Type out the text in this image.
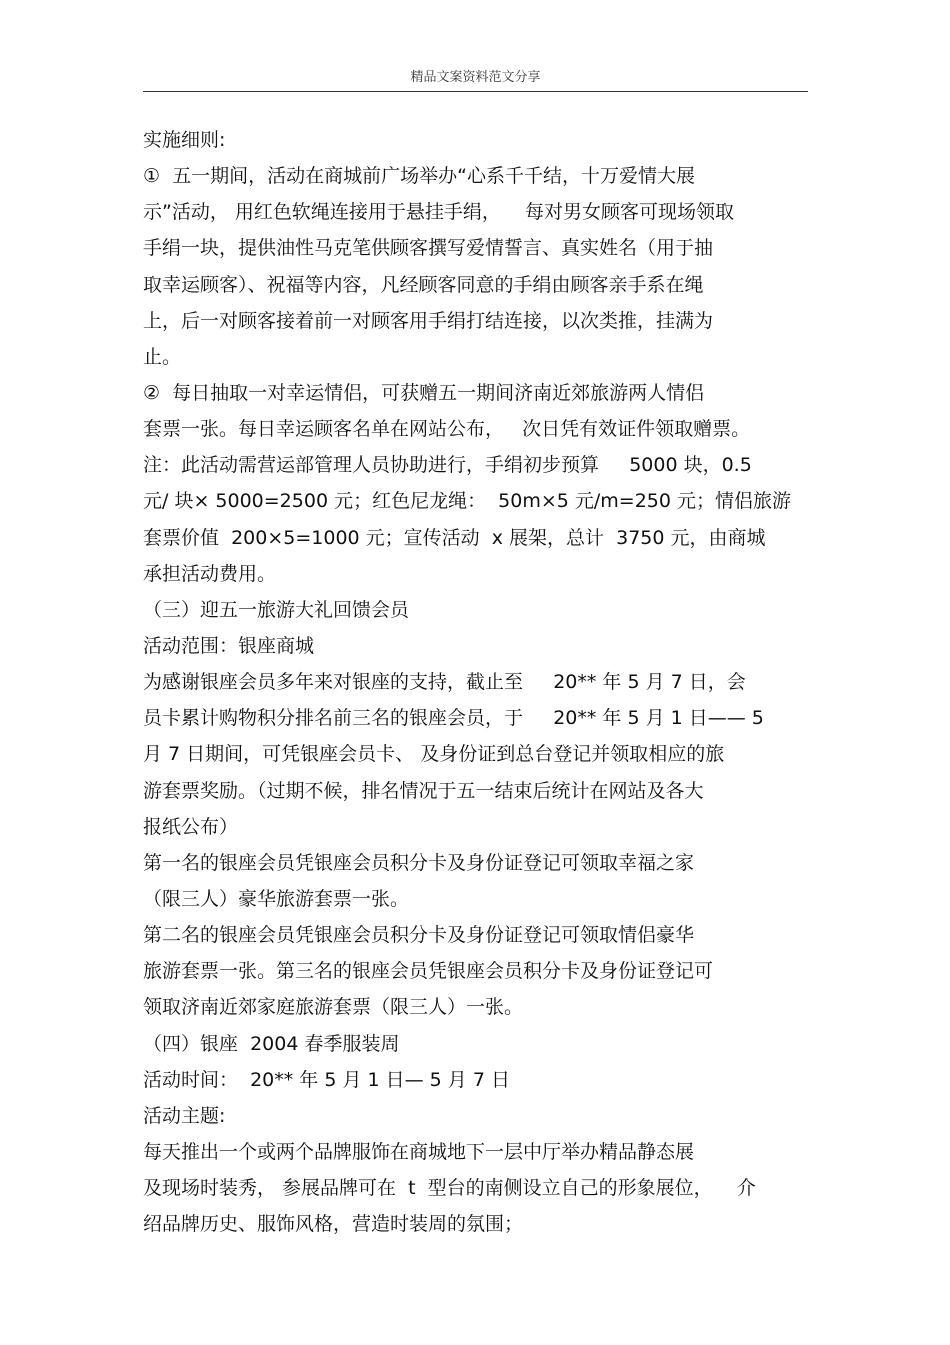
精品文案资料范文分享
实施细则:
①  五一期间，活动在商城前广场举办“心系千千结，十万爱情大展
示”活动， 用红色软绳连接用于悬挂手绢，    每对男女顾客可现场领取
手绢一块，提供油性马克笔供顾客撰写爱情誓言、真实姓名（用于抽
取幸运顾客）、祝福等内容，凡经顾客同意的手绢由顾客亲手系在绳
上，后一对顾客接着前一对顾客用手绢打结连接，以次类推，挂满为
止。
②  每日抽取一对幸运情侣，可获赠五一期间济南近郊旅游两人情侣
套票一张。每日幸运顾客名单在网站公布，   次日凭有效证件领取赠票。
注：此活动需营运部管理人员协助进行，手绢初步预算     5000 块，0.5
元/ 块× 5000=2500 元；红色尼龙绳：  50m×5 元/m=250 元；情侣旅游
套票价值  200×5=1000 元；宣传活动  x 展架，总计  3750 元，由商城
承担活动费用。
（三）迎五一旅游大礼回馈会员
活动范围：银座商城
为感谢银座会员多年来对银座的支持，截止至     20** 年 5 月 7 日，会
员卡累计购物积分排名前三名的银座会员，于     20** 年 5 月 1 日—— 5
月 7 日期间，可凭银座会员卡、 及身份证到总台登记并领取相应的旅
游套票奖励。（过期不候，排名情况于五一结束后统计在网站及各大
报纸公布）
第一名的银座会员凭银座会员积分卡及身份证登记可领取幸福之家
（限三人）豪华旅游套票一张。
第二名的银座会员凭银座会员积分卡及身份证登记可领取情侣豪华
旅游套票一张。第三名的银座会员凭银座会员积分卡及身份证登记可
领取济南近郊家庭旅游套票（限三人）一张。
（四）银座  2004 春季服装周
活动时间：  20** 年 5 月 1 日— 5 月 7 日
活动主题:
每天推出一个或两个品牌服饰在商城地下一层中厅举办精品静态展
及现场时装秀， 参展品牌可在  t  型台的南侧设立自己的形象展位，    介
绍品牌历史、服饰风格，营造时装周的氛围；
